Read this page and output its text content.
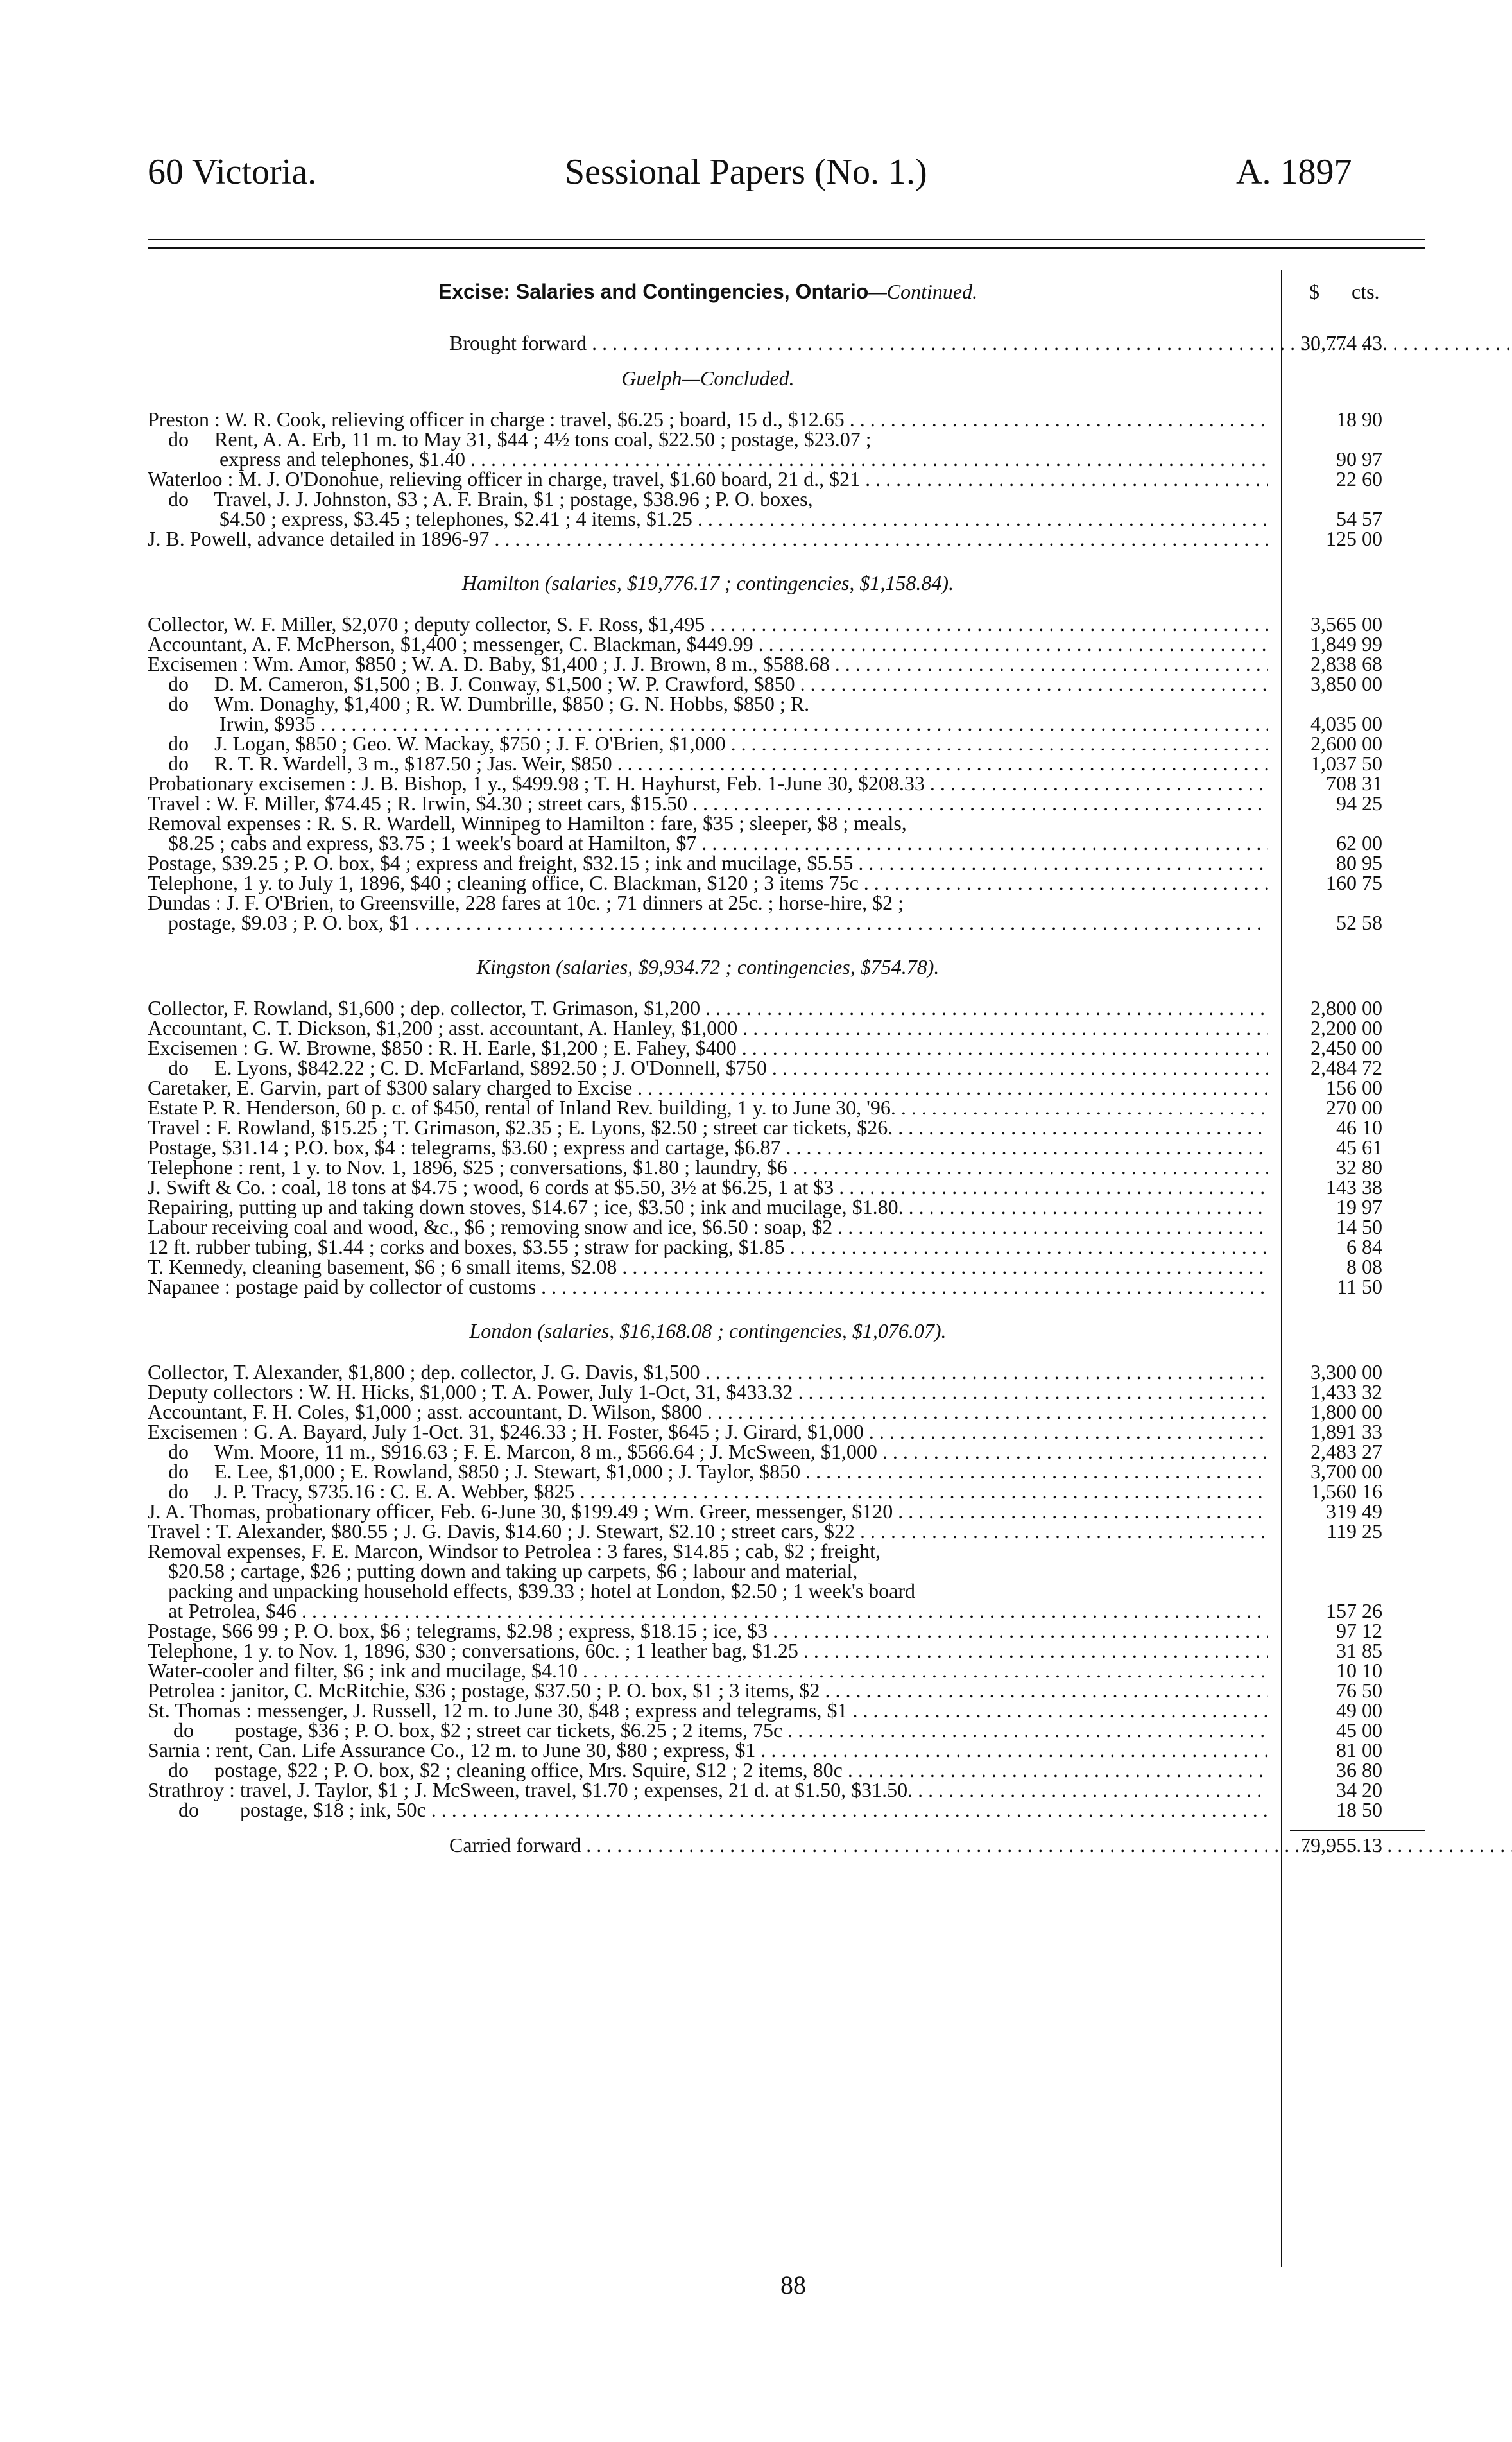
60 Victoria.	Sessional Papers (No. 1.)	A. 1897
Excise: Salaries and Contingencies, Ontario—Continued.	$ cts.
Brought forward . . .	30,774 43
Guelph—Concluded.
Preston : W. R. Cook, relieving officer in charge : travel, $6.25 ; board, 15 d., $12.65 . . .	18 90
do     Rent, A. A. Erb, 11 m. to May 31, $44 ; 4½ tons coal, $22.50 ; postage, $23.07 ;
express and telephones, $1.40 . . .	90 97
Waterloo : M. J. O'Donohue, relieving officer in charge, travel, $1.60 board, 21 d., $21 . . .	22 60
do     Travel, J. J. Johnston, $3 ; A. F. Brain, $1 ; postage, $38.96 ; P. O. boxes,
$4.50 ; express, $3.45 ; telephones, $2.41 ; 4 items, $1.25 . . .	54 57
J. B. Powell, advance detailed in 1896-97 . . .	125 00
Hamilton (salaries, $19,776.17 ; contingencies, $1,158.84).
Collector, W. F. Miller, $2,070 ; deputy collector, S. F. Ross, $1,495 . . .	3,565 00
Accountant, A. F. McPherson, $1,400 ; messenger, C. Blackman, $449.99 . . .	1,849 99
Excisemen : Wm. Amor, $850 ; W. A. D. Baby, $1,400 ; J. J. Brown, 8 m., $588.68 . . .	2,838 68
do     D. M. Cameron, $1,500 ; B. J. Conway, $1,500 ; W. P. Crawford, $850 . . .	3,850 00
do     Wm. Donaghy, $1,400 ; R. W. Dumbrille, $850 ; G. N. Hobbs, $850 ; R.
Irwin, $935 . . .	4,035 00
do     J. Logan, $850 ; Geo. W. Mackay, $750 ; J. F. O'Brien, $1,000 . . .	2,600 00
do     R. T. R. Wardell, 3 m., $187.50 ; Jas. Weir, $850 . . .	1,037 50
Probationary excisemen : J. B. Bishop, 1 y., $499.98 ; T. H. Hayhurst, Feb. 1-June 30, $208.33 . . .	708 31
Travel : W. F. Miller, $74.45 ; R. Irwin, $4.30 ; street cars, $15.50 . . .	94 25
Removal expenses : R. S. R. Wardell, Winnipeg to Hamilton : fare, $35 ; sleeper, $8 ; meals,
$8.25 ; cabs and express, $3.75 ; 1 week's board at Hamilton, $7 . . .	62 00
Postage, $39.25 ; P. O. box, $4 ; express and freight, $32.15 ; ink and mucilage, $5.55 . . .	80 95
Telephone, 1 y. to July 1, 1896, $40 ; cleaning office, C. Blackman, $120 ; 3 items 75c . . .	160 75
Dundas : J. F. O'Brien, to Greensville, 228 fares at 10c. ; 71 dinners at 25c. ; horse-hire, $2 ;
postage, $9.03 ; P. O. box, $1 . . .	52 58
Kingston (salaries, $9,934.72 ; contingencies, $754.78).
Collector, F. Rowland, $1,600 ; dep. collector, T. Grimason, $1,200 . . .	2,800 00
Accountant, C. T. Dickson, $1,200 ; asst. accountant, A. Hanley, $1,000 . . .	2,200 00
Excisemen : G. W. Browne, $850 : R. H. Earle, $1,200 ; E. Fahey, $400 . . .	2,450 00
do     E. Lyons, $842.22 ; C. D. McFarland, $892.50 ; J. O'Donnell, $750 . . .	2,484 72
Caretaker, E. Garvin, part of $300 salary charged to Excise . . .	156 00
Estate P. R. Henderson, 60 p. c. of $450, rental of Inland Rev. building, 1 y. to June 30, '96. . . .	270 00
Travel : F. Rowland, $15.25 ; T. Grimason, $2.35 ; E. Lyons, $2.50 ; street car tickets, $26. . . .	46 10
Postage, $31.14 ; P.O. box, $4 : telegrams, $3.60 ; express and cartage, $6.87 . . .	45 61
Telephone : rent, 1 y. to Nov. 1, 1896, $25 ; conversations, $1.80 ; laundry, $6 . . .	32 80
J. Swift & Co. : coal, 18 tons at $4.75 ; wood, 6 cords at $5.50, 3½ at $6.25, 1 at $3 . . .	143 38
Repairing, putting up and taking down stoves, $14.67 ; ice, $3.50 ; ink and mucilage, $1.80. . . .	19 97
Labour receiving coal and wood, &c., $6 ; removing snow and ice, $6.50 : soap, $2 . . .	14 50
12 ft. rubber tubing, $1.44 ; corks and boxes, $3.55 ; straw for packing, $1.85 . . .	6 84
T. Kennedy, cleaning basement, $6 ; 6 small items, $2.08 . . .	8 08
Napanee : postage paid by collector of customs . . .	11 50
London (salaries, $16,168.08 ; contingencies, $1,076.07).
Collector, T. Alexander, $1,800 ; dep. collector, J. G. Davis, $1,500 . . .	3,300 00
Deputy collectors : W. H. Hicks, $1,000 ; T. A. Power, July 1-Oct, 31, $433.32 . . .	1,433 32
Accountant, F. H. Coles, $1,000 ; asst. accountant, D. Wilson, $800 . . .	1,800 00
Excisemen : G. A. Bayard, July 1-Oct. 31, $246.33 ; H. Foster, $645 ; J. Girard, $1,000 . . .	1,891 33
do     Wm. Moore, 11 m., $916.63 ; F. E. Marcon, 8 m., $566.64 ; J. McSween, $1,000 . . .	2,483 27
do     E. Lee, $1,000 ; E. Rowland, $850 ; J. Stewart, $1,000 ; J. Taylor, $850 . . .	3,700 00
do     J. P. Tracy, $735.16 : C. E. A. Webber, $825 . . .	1,560 16
J. A. Thomas, probationary officer, Feb. 6-June 30, $199.49 ; Wm. Greer, messenger, $120 . . .	319 49
Travel : T. Alexander, $80.55 ; J. G. Davis, $14.60 ; J. Stewart, $2.10 ; street cars, $22 . . .	119 25
Removal expenses, F. E. Marcon, Windsor to Petrolea : 3 fares, $14.85 ; cab, $2 ; freight,
$20.58 ; cartage, $26 ; putting down and taking up carpets, $6 ; labour and material,
packing and unpacking household effects, $39.33 ; hotel at London, $2.50 ; 1 week's board
at Petrolea, $46 . . .	157 26
Postage, $66 99 ; P. O. box, $6 ; telegrams, $2.98 ; express, $18.15 ; ice, $3 . . .	97 12
Telephone, 1 y. to Nov. 1, 1896, $30 ; conversations, 60c. ; 1 leather bag, $1.25 . . .	31 85
Water-cooler and filter, $6 ; ink and mucilage, $4.10 . . .	10 10
Petrolea : janitor, C. McRitchie, $36 ; postage, $37.50 ; P. O. box, $1 ; 3 items, $2 . . .	76 50
St. Thomas : messenger, J. Russell, 12 m. to June 30, $48 ; express and telegrams, $1 . . .	49 00
do        postage, $36 ; P. O. box, $2 ; street car tickets, $6.25 ; 2 items, 75c . . .	45 00
Sarnia : rent, Can. Life Assurance Co., 12 m. to June 30, $80 ; express, $1 . . .	81 00
do     postage, $22 ; P. O. box, $2 ; cleaning office, Mrs. Squire, $12 ; 2 items, 80c . . .	36 80
Strathroy : travel, J. Taylor, $1 ; J. McSween, travel, $1.70 ; expenses, 21 d. at $1.50, $31.50. . . .	34 20
do        postage, $18 ; ink, 50c . . .	18 50
Carried forward . . .	79,955 13
88
